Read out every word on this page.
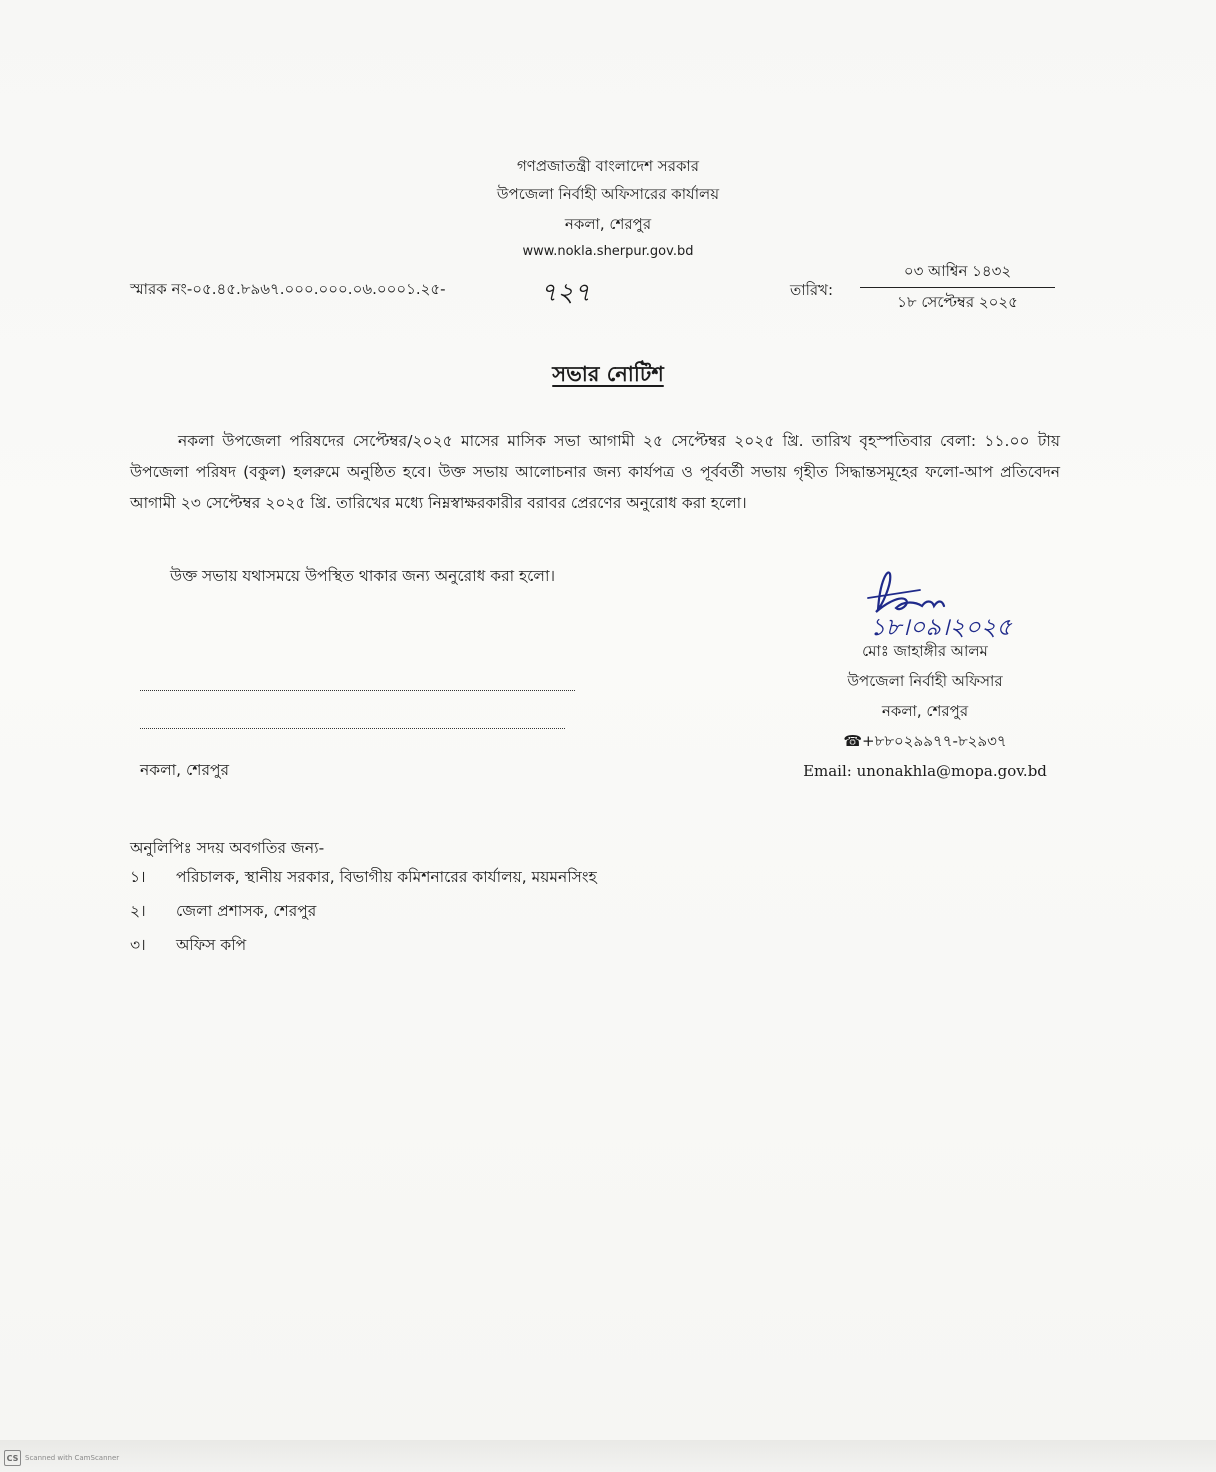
গণপ্রজাতন্ত্রী বাংলাদেশ সরকার
উপজেলা নির্বাহী অফিসারের কার্যালয়
নকলা, শেরপুর
www.nokla.sherpur.gov.bd
স্মারক নং-০৫.৪৫.৮৯৬৭.০০০.০০০.০৬.০০০১.২৫-	৭২৭	তারিখ:
০৩ আশ্বিন ১৪৩২
১৮ সেপ্টেম্বর ২০২৫
সভার নোটিশ
নকলা উপজেলা পরিষদের সেপ্টেম্বর/২০২৫ মাসের মাসিক সভা আগামী ২৫ সেপ্টেম্বর ২০২৫ খ্রি. তারিখ বৃহস্পতিবার বেলা: ১১.০০ টায় উপজেলা পরিষদ (বকুল) হলরুমে অনুষ্ঠিত হবে। উক্ত সভায় আলোচনার জন্য কার্যপত্র ও পূর্ববর্তী সভায় গৃহীত সিদ্ধান্তসমূহের ফলো-আপ প্রতিবেদন আগামী ২৩ সেপ্টেম্বর ২০২৫ খ্রি. তারিখের মধ্যে নিম্নস্বাক্ষরকারীর বরাবর প্রেরণের অনুরোধ করা হলো।
উক্ত সভায় যথাসময়ে উপস্থিত থাকার জন্য অনুরোধ করা হলো।
১৮।০৯।২০২৫
মোঃ জাহাঙ্গীর আলম
উপজেলা নির্বাহী অফিসার
নকলা, শেরপুর
☎+৮৮০২৯৯৭৭-৮২৯৩৭
Email: unonakhla@mopa.gov.bd
নকলা, শেরপুর
অনুলিপিঃ সদয় অবগতির জন্য-
১।	পরিচালক, স্থানীয় সরকার, বিভাগীয় কমিশনারের কার্যালয়, ময়মনসিংহ
২।	জেলা প্রশাসক, শেরপুর
৩।	অফিস কপি
CS Scanned with CamScanner
